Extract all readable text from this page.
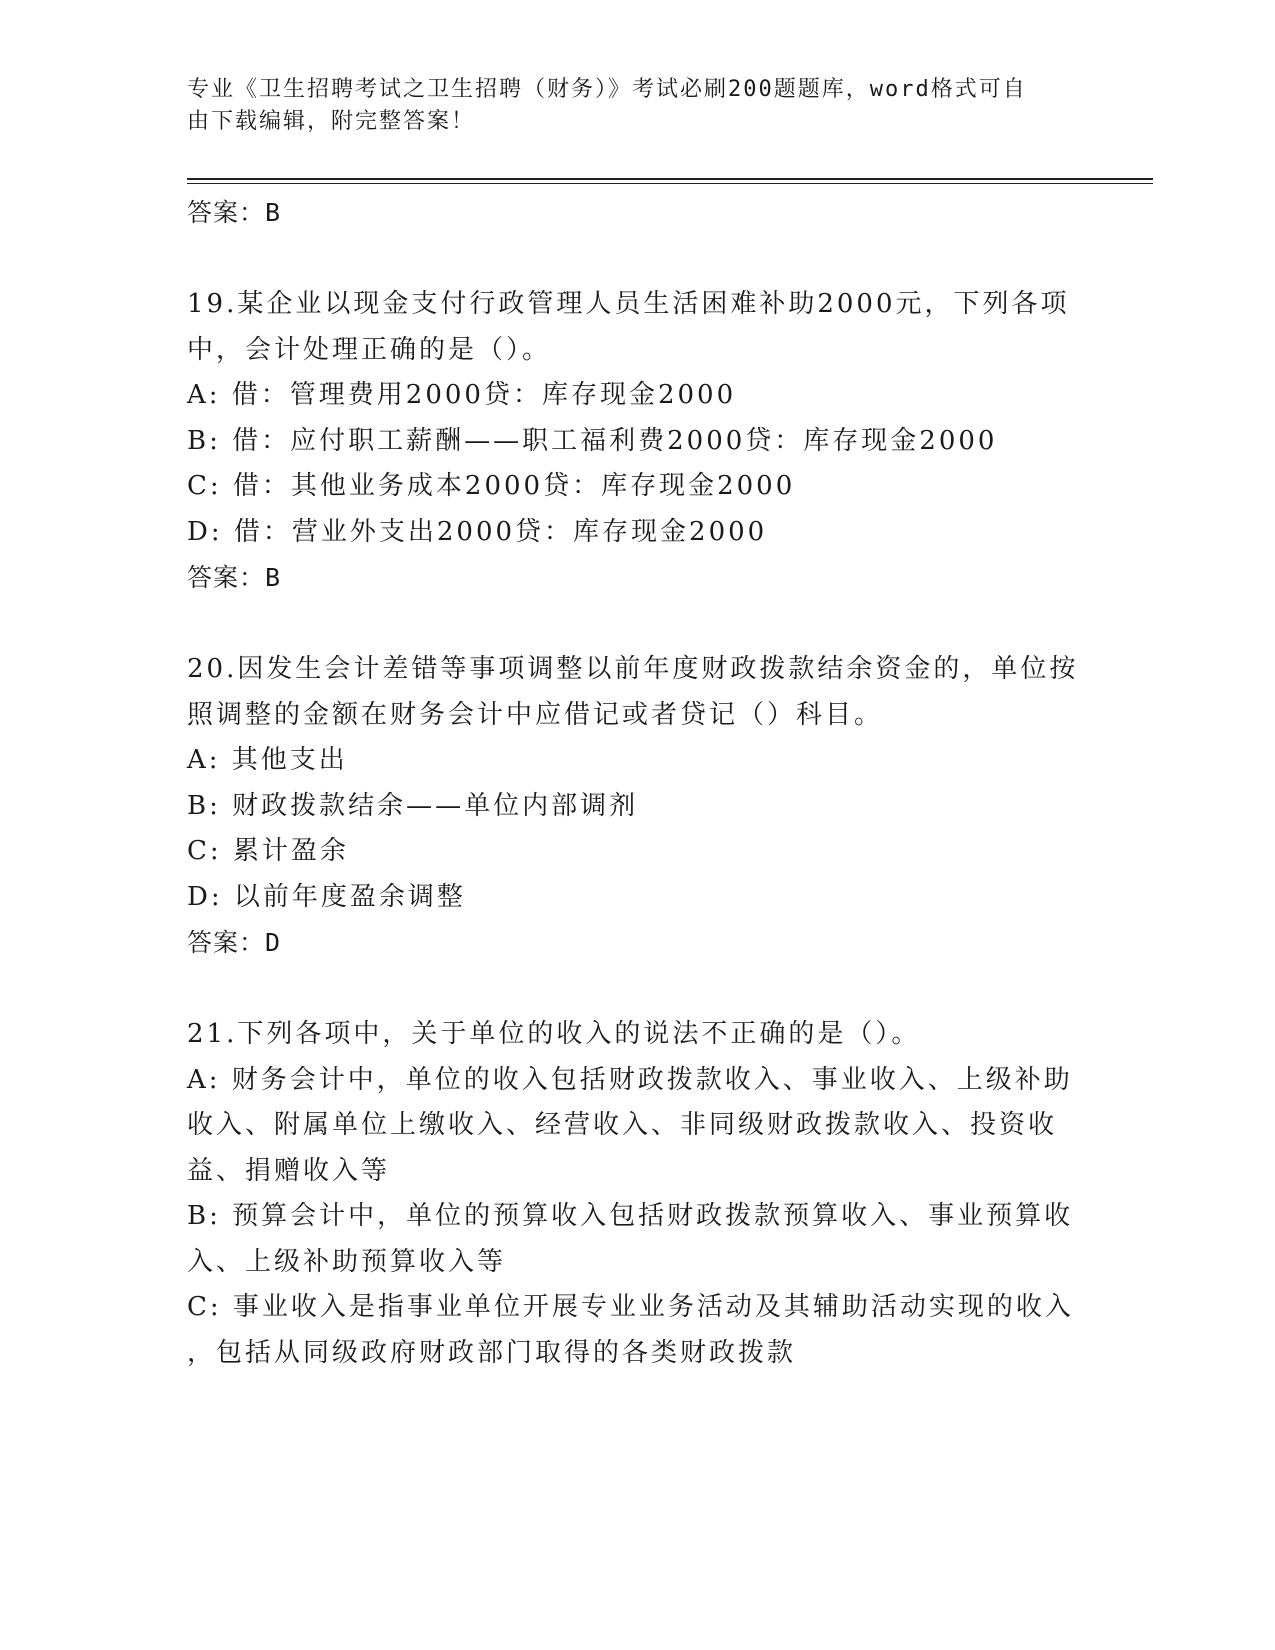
专业《卫生招聘考试之卫生招聘（财务）》考试必刷200题题库，word格式可自
由下载编辑，附完整答案！
答案：B
19.某企业以现金支付行政管理人员生活困难补助2000元，下列各项
中，会计处理正确的是（）。
A: 借：管理费用2000贷：库存现金2000
B: 借：应付职工薪酬——职工福利费2000贷：库存现金2000
C: 借：其他业务成本2000贷：库存现金2000
D: 借：营业外支出2000贷：库存现金2000
答案：B
20.因发生会计差错等事项调整以前年度财政拨款结余资金的，单位按
照调整的金额在财务会计中应借记或者贷记（）科目。
A: 其他支出
B: 财政拨款结余——单位内部调剂
C: 累计盈余
D: 以前年度盈余调整
答案：D
21.下列各项中，关于单位的收入的说法不正确的是（）。
A: 财务会计中，单位的收入包括财政拨款收入、事业收入、上级补助
收入、附属单位上缴收入、经营收入、非同级财政拨款收入、投资收
益、捐赠收入等
B: 预算会计中，单位的预算收入包括财政拨款预算收入、事业预算收
入、上级补助预算收入等
C: 事业收入是指事业单位开展专业业务活动及其辅助活动实现的收入
，包括从同级政府财政部门取得的各类财政拨款
